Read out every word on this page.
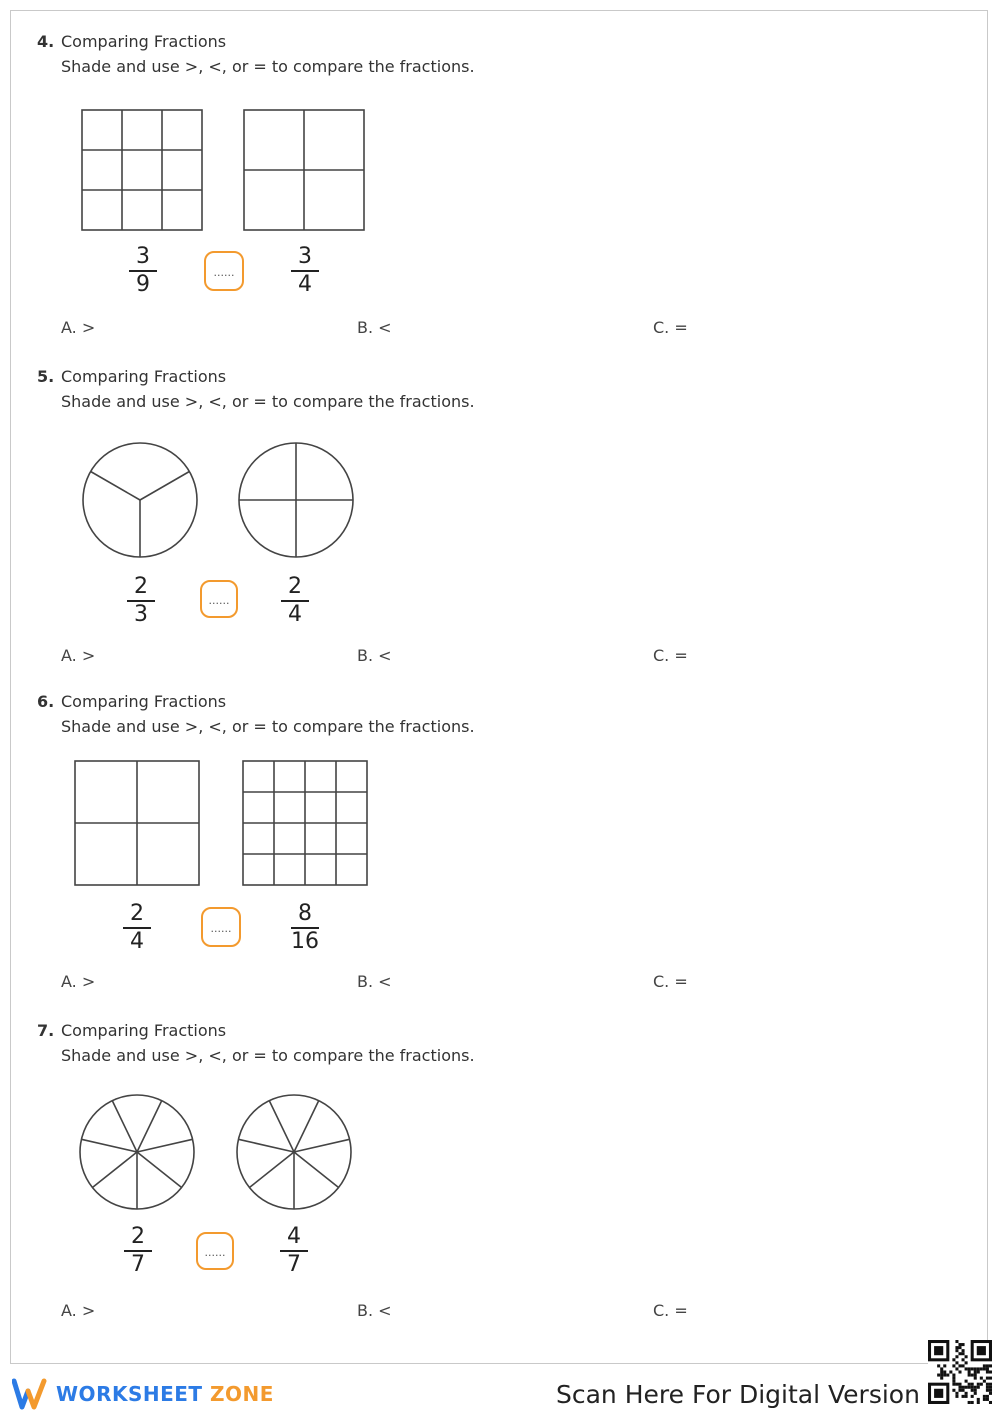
4. Comparing Fractions
Shade and use >, <, or = to compare the fractions.
3
9	......
3
4
A. >	B. <	C. =
5. Comparing Fractions
Shade and use >, <, or = to compare the fractions.
2
3
......
2
4
A. >	B. <	C. =
6. Comparing Fractions
Shade and use >, <, or = to compare the fractions.
2
4
......
8
16
A. >	B. <	C. =
7. Comparing Fractions
Shade and use >, <, or = to compare the fractions.
2
7	......
4
7
A. >	B. <	C. =
WORKSHEET ZONE	Scan Here For Digital Version
